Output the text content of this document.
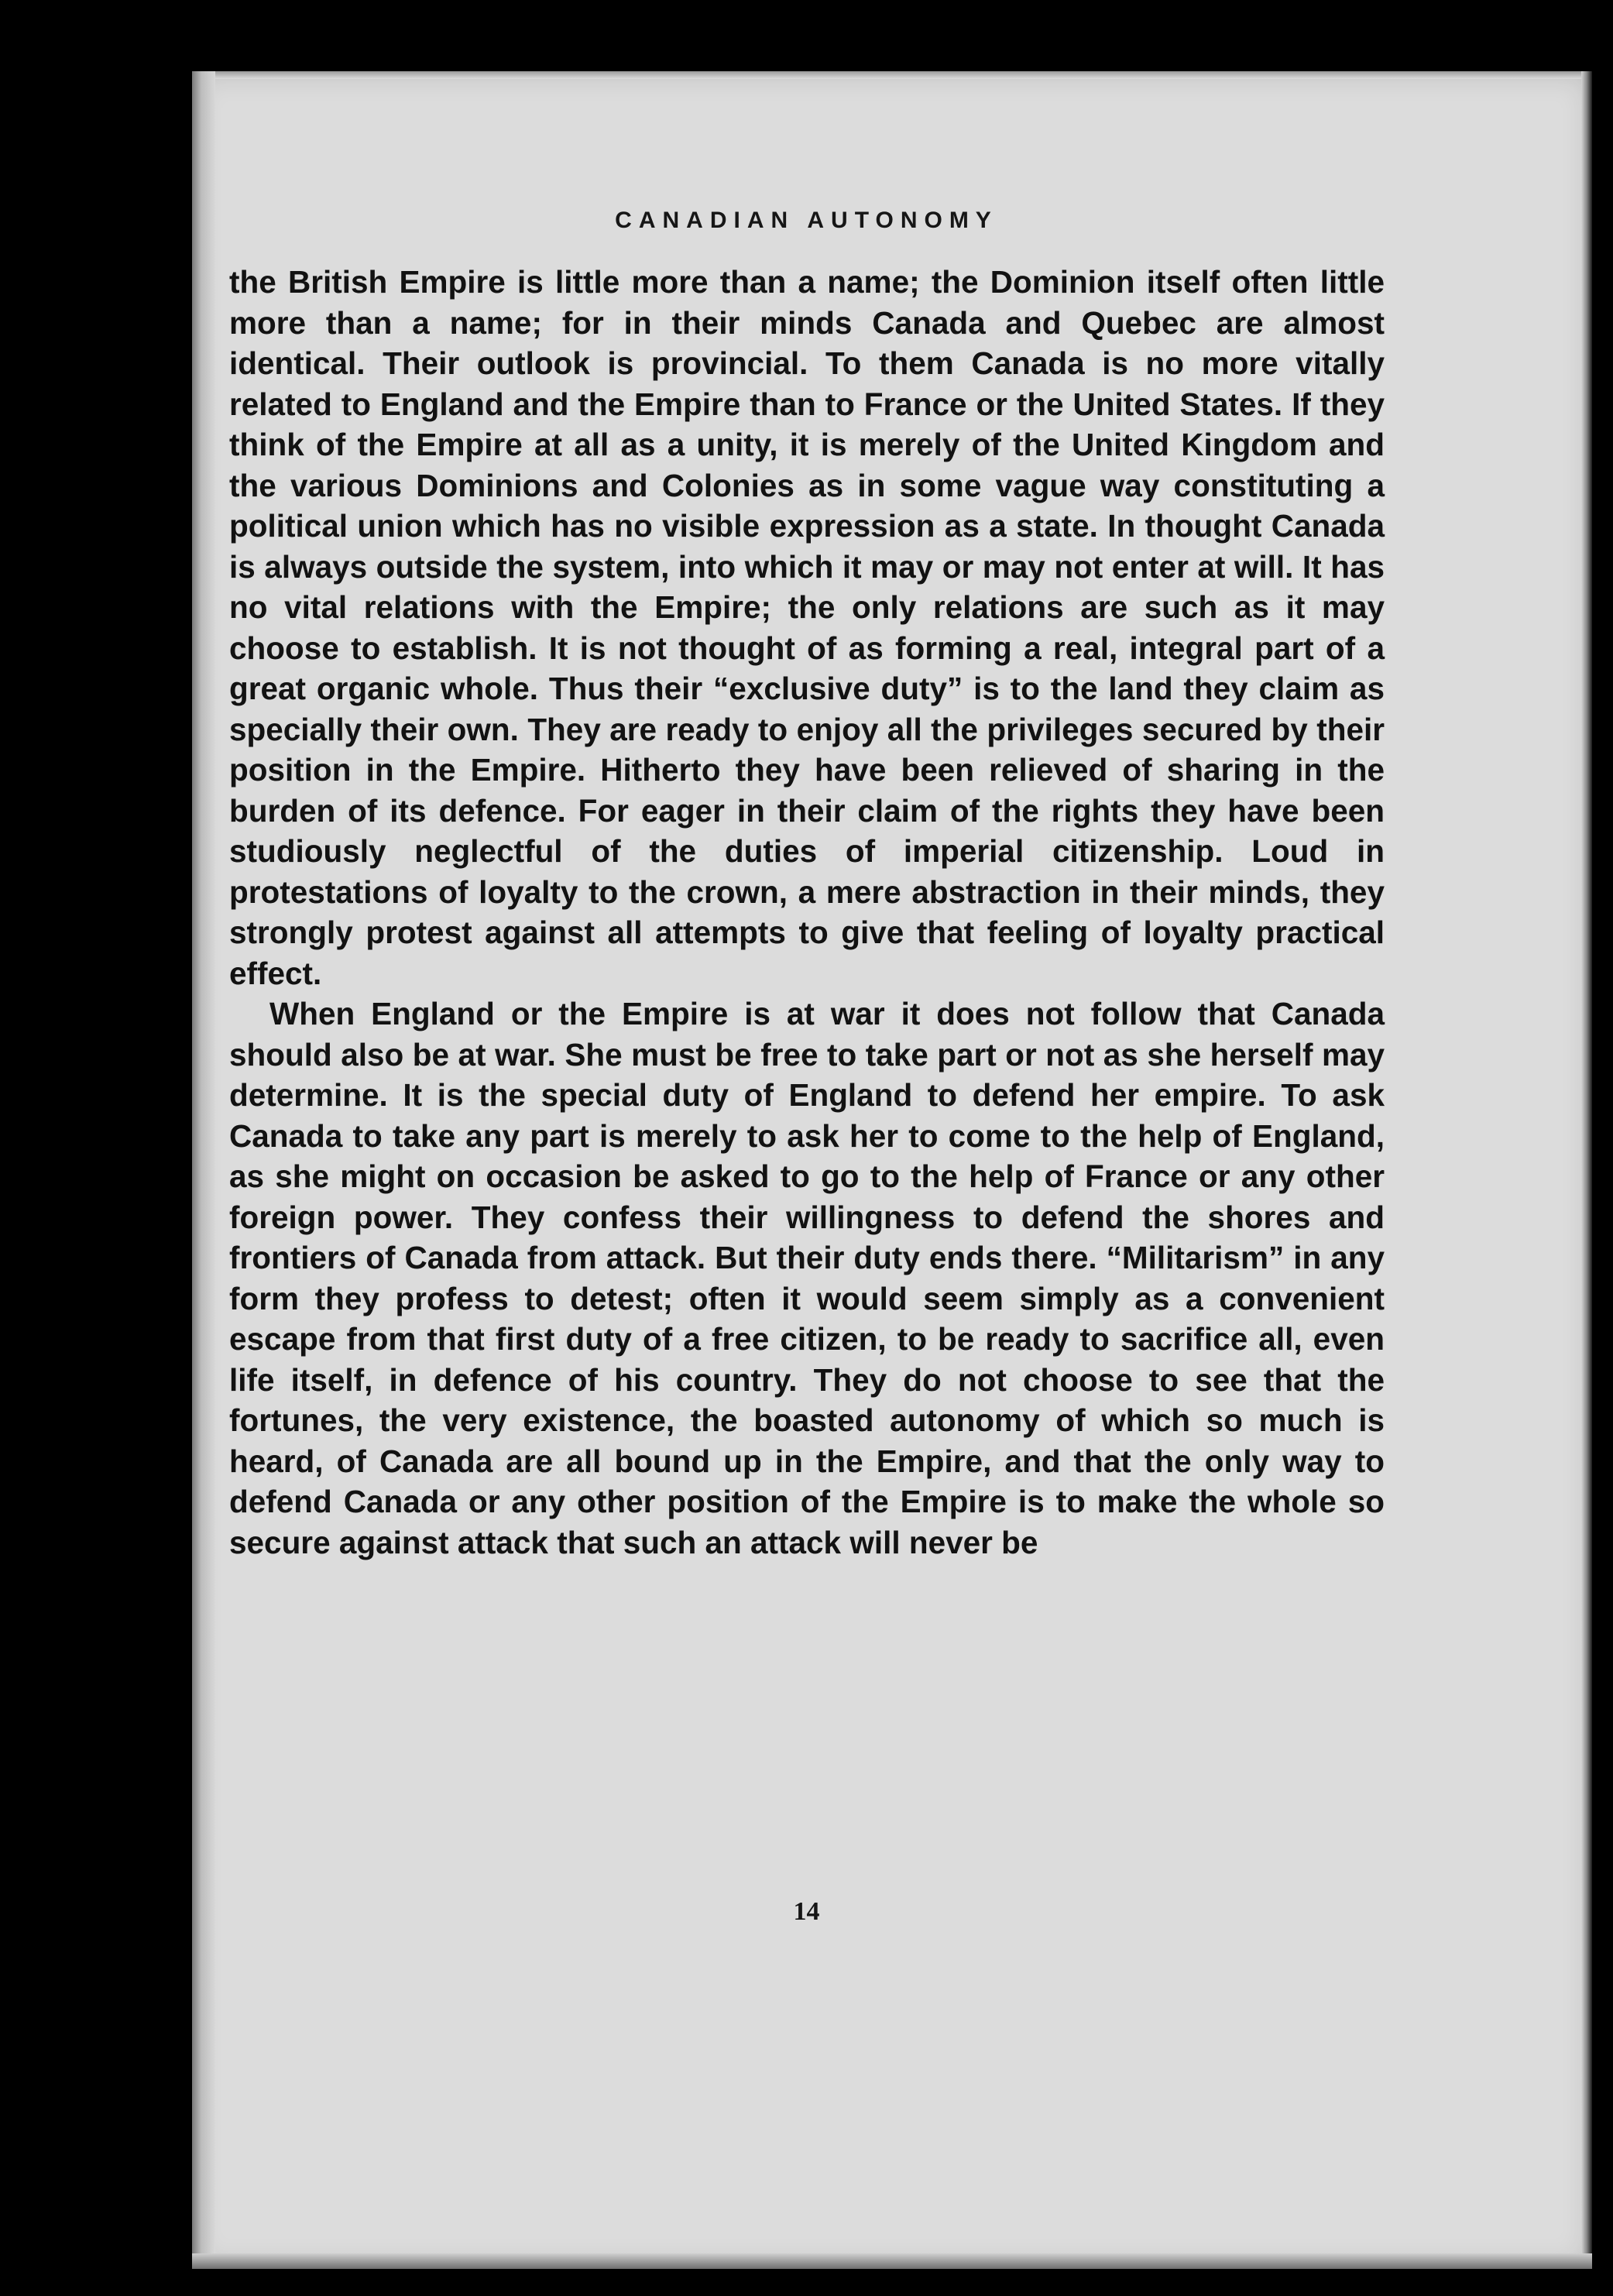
CANADIAN AUTONOMY

the British Empire is little more than a name; the Dominion itself often little more than a name; for in their minds Canada and Quebec are almost identical. Their outlook is provincial. To them Canada is no more vitally related to England and the Empire than to France or the United States. If they think of the Empire at all as a unity, it is merely of the United Kingdom and the various Dominions and Colonies as in some vague way constituting a political union which has no visible expression as a state. In thought Canada is always outside the system, into which it may or may not enter at will. It has no vital relations with the Empire; the only relations are such as it may choose to establish. It is not thought of as forming a real, integral part of a great organic whole. Thus their “exclusive duty” is to the land they claim as specially their own. They are ready to enjoy all the privileges secured by their position in the Empire. Hitherto they have been relieved of sharing in the burden of its defence. For eager in their claim of the rights they have been studiously neglectful of the duties of imperial citizenship. Loud in protestations of loyalty to the crown, a mere abstraction in their minds, they strongly protest against all attempts to give that feeling of loyalty practical effect.

When England or the Empire is at war it does not follow that Canada should also be at war. She must be free to take part or not as she herself may determine. It is the special duty of England to defend her empire. To ask Canada to take any part is merely to ask her to come to the help of England, as she might on occasion be asked to go to the help of France or any other foreign power. They confess their willingness to defend the shores and frontiers of Canada from attack. But their duty ends there. “Militarism” in any form they profess to detest; often it would seem simply as a convenient escape from that first duty of a free citizen, to be ready to sacrifice all, even life itself, in defence of his country. They do not choose to see that the fortunes, the very existence, the boasted autonomy of which so much is heard, of Canada are all bound up in the Empire, and that the only way to defend Canada or any other position of the Empire is to make the whole so secure against attack that such an attack will never be

14
